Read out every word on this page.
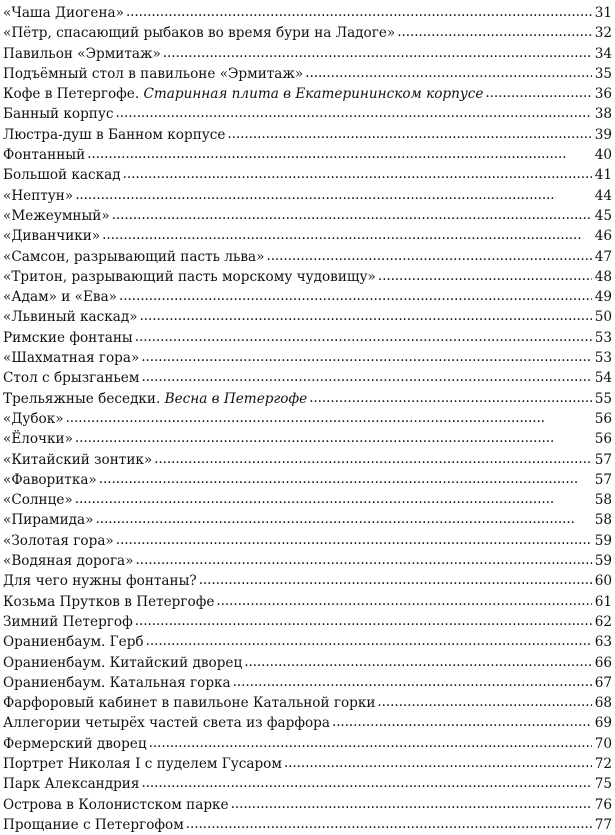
«Чаша Диогена» . . .	31
«Пётр, спасающий рыбаков во время бури на Ладоге» . . .	32
Павильон «Эрмитаж» . . .	34
Подъёмный стол в павильоне «Эрмитаж» . . .	35
Кофе в Петергофе. Старинная плита в Екатерининском корпусе . . .	36
Банный корпус . . .	38
Люстра-душ в Банном корпусе . . .	39
Фонтанный . . .	40
Большой каскад . . .	41
«Нептун» . . .	44
«Межеумный» . . .	45
«Диванчики» . . .	46
«Самсон, разрывающий пасть льва» . . .	47
«Тритон, разрывающий пасть морскому чудовищу» . . .	48
«Адам» и «Ева» . . .	49
«Львиный каскад» . . .	50
Римские фонтаны . . .	53
«Шахматная гора» . . .	53
Стол с брызганьем . . .	54
Трельяжные беседки. Весна в Петергофе . . .	55
«Дубок» . . .	56
«Ёлочки» . . .	56
«Китайский зонтик» . . .	57
«Фаворитка» . . .	57
«Солнце» . . .	58
«Пирамида» . . .	58
«Золотая гора» . . .	59
«Водяная дорога» . . .	59
Для чего нужны фонтаны? . . .	60
Козьма Прутков в Петергофе . . .	61
Зимний Петергоф . . .	62
Ораниенбаум. Герб . . .	63
Ораниенбаум. Китайский дворец . . .	66
Ораниенбаум. Катальная горка . . .	67
Фарфоровый кабинет в павильоне Катальной горки . . .	68
Аллегории четырёх частей света из фарфора . . .	69
Фермерский дворец . . .	70
Портрет Николая I с пуделем Гусаром . . .	72
Парк Александрия . . .	75
Острова в Колонистском парке . . .	76
Прощание с Петергофом . . .	77
